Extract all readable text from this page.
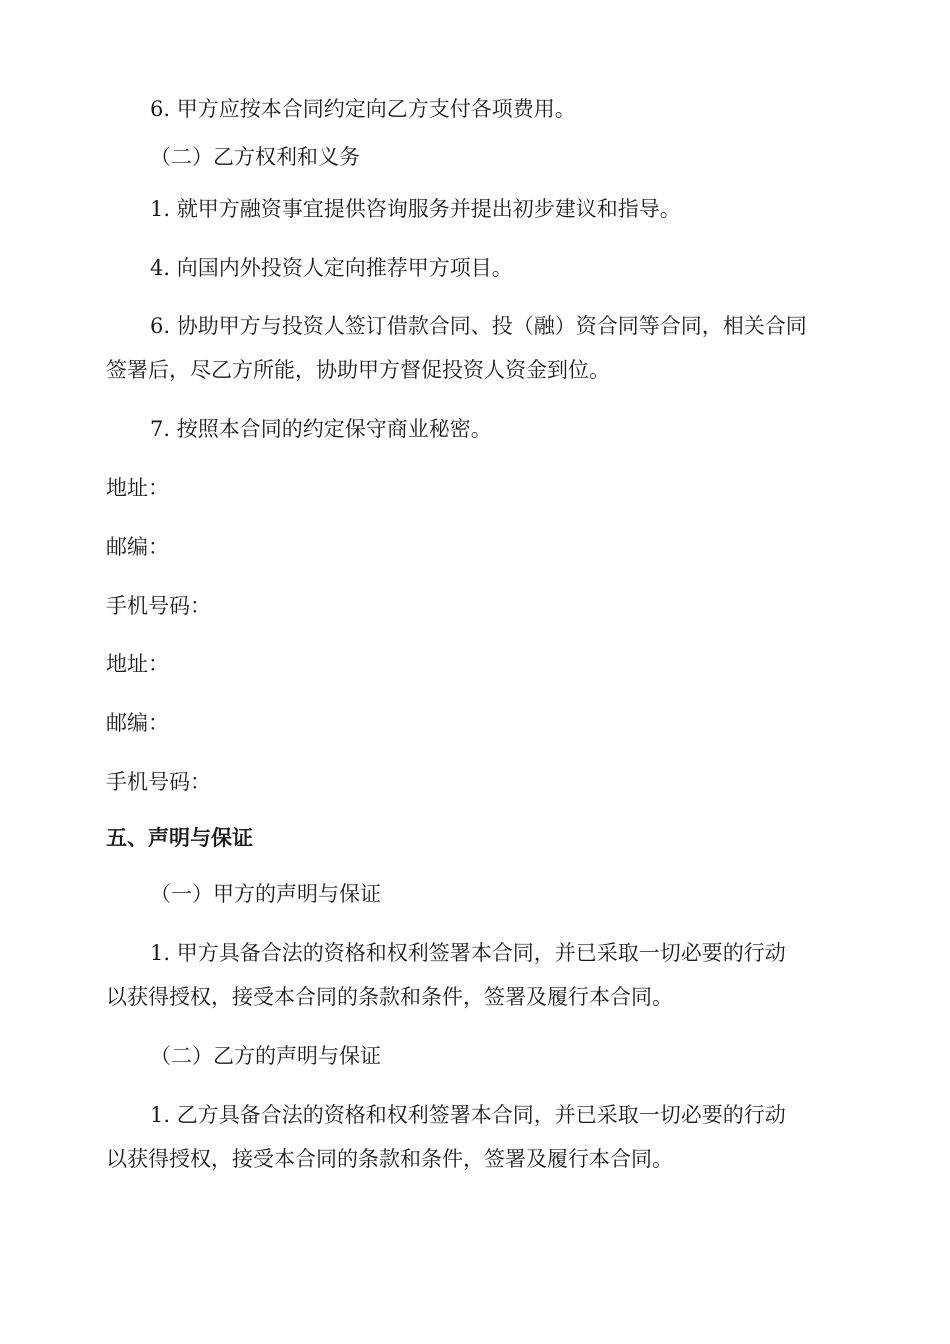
6. 甲方应按本合同约定向乙方支付各项费用。
（二）乙方权利和义务
1. 就甲方融资事宜提供咨询服务并提出初步建议和指导。
4. 向国内外投资人定向推荐甲方项目。
6. 协助甲方与投资人签订借款合同、投（融）资合同等合同，相关合同
签署后，尽乙方所能，协助甲方督促投资人资金到位。
7. 按照本合同的约定保守商业秘密。
地址：
邮编：
手机号码：
地址：
邮编：
手机号码：
五、声明与保证
（一）甲方的声明与保证
1. 甲方具备合法的资格和权利签署本合同，并已采取一切必要的行动
以获得授权，接受本合同的条款和条件，签署及履行本合同。
（二）乙方的声明与保证
1. 乙方具备合法的资格和权利签署本合同，并已采取一切必要的行动
以获得授权，接受本合同的条款和条件，签署及履行本合同。
